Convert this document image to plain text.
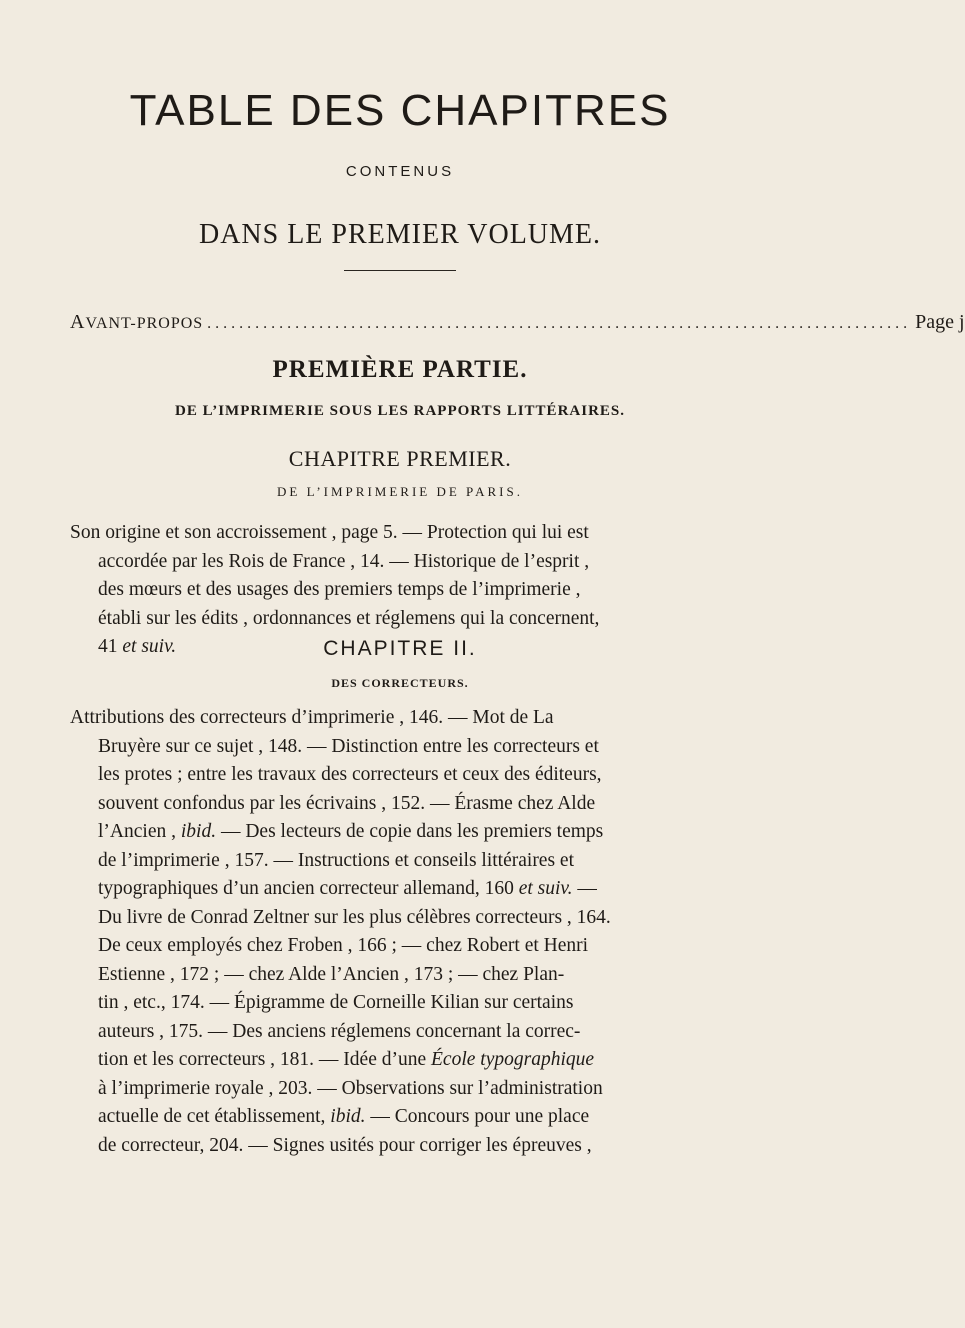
TABLE DES CHAPITRES
CONTENUS
DANS LE PREMIER VOLUME.
AVANT-PROPOS ........................................................................................ Page j
PREMIÈRE PARTIE.
DE L’IMPRIMERIE SOUS LES RAPPORTS LITTÉRAIRES.
CHAPITRE PREMIER.
DE L’IMPRIMERIE DE PARIS.
Son origine et son accroissement , page 5. — Protection qui lui est
accordée par les Rois de France , 14. — Historique de l’esprit ,
des mœurs et des usages des premiers temps de l’imprimerie ,
établi sur les édits , ordonnances et réglemens qui la concernent,
41 et suiv.	CHAPITRE II.
DES CORRECTEURS.
Attributions des correcteurs d’imprimerie , 146. — Mot de La
Bruyère sur ce sujet , 148. — Distinction entre les correcteurs et
les protes ; entre les travaux des correcteurs et ceux des éditeurs,
souvent confondus par les écrivains , 152. — Érasme chez Alde
l’Ancien , ibid. — Des lecteurs de copie dans les premiers temps
de l’imprimerie , 157. — Instructions et conseils littéraires et
typographiques d’un ancien correcteur allemand, 160 et suiv. —
Du livre de Conrad Zeltner sur les plus célèbres correcteurs , 164.
De ceux employés chez Froben , 166 ; — chez Robert et Henri
Estienne , 172 ; — chez Alde l’Ancien , 173 ; — chez Plan-
tin , etc., 174. — Épigramme de Corneille Kilian sur certains
auteurs , 175. — Des anciens réglemens concernant la correc-
tion et les correcteurs , 181. — Idée d’une École typographique
à l’imprimerie royale , 203. — Observations sur l’administration
actuelle de cet établissement, ibid. — Concours pour une place
de correcteur, 204. — Signes usités pour corriger les épreuves ,
